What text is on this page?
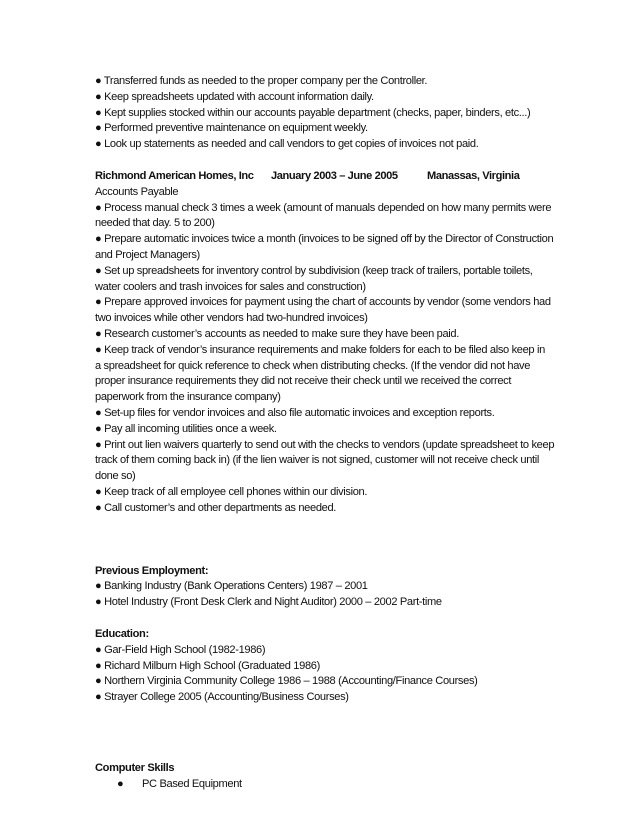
● Transferred funds as needed to the proper company per the Controller.
● Keep spreadsheets updated with account information daily.
● Kept supplies stocked within our accounts payable department (checks, paper, binders, etc...)
● Performed preventive maintenance on equipment weekly.
● Look up statements as needed and call vendors to get copies of invoices not paid.
Richmond American Homes, Inc	January 2003 – June 2005	Manassas, Virginia
Accounts Payable
● Process manual check 3 times a week (amount of manuals depended on how many permits were
needed that day. 5 to 200)
● Prepare automatic invoices twice a month (invoices to be signed off by the Director of Construction
and Project Managers)
● Set up spreadsheets for inventory control by subdivision (keep track of trailers, portable toilets,
water coolers and trash invoices for sales and construction)
● Prepare approved invoices for payment using the chart of accounts by vendor (some vendors had
two invoices while other vendors had two-hundred invoices)
● Research customer’s accounts as needed to make sure they have been paid.
● Keep track of vendor’s insurance requirements and make folders for each to be filed also keep in
a spreadsheet for quick reference to check when distributing checks. (If the vendor did not have
proper insurance requirements they did not receive their check until we received the correct
paperwork from the insurance company)
● Set-up files for vendor invoices and also file automatic invoices and exception reports.
● Pay all incoming utilities once a week.
● Print out lien waivers quarterly to send out with the checks to vendors (update spreadsheet to keep
track of them coming back in) (if the lien waiver is not signed, customer will not receive check until
done so)
● Keep track of all employee cell phones within our division.
● Call customer’s and other departments as needed.
Previous Employment:
● Banking Industry (Bank Operations Centers) 1987 – 2001
● Hotel Industry (Front Desk Clerk and Night Auditor) 2000 – 2002 Part-time
Education:
● Gar-Field High School (1982-1986)
● Richard Milburn High School (Graduated 1986)
● Northern Virginia Community College 1986 – 1988 (Accounting/Finance Courses)
● Strayer College 2005 (Accounting/Business Courses)
Computer Skills
● PC Based Equipment
